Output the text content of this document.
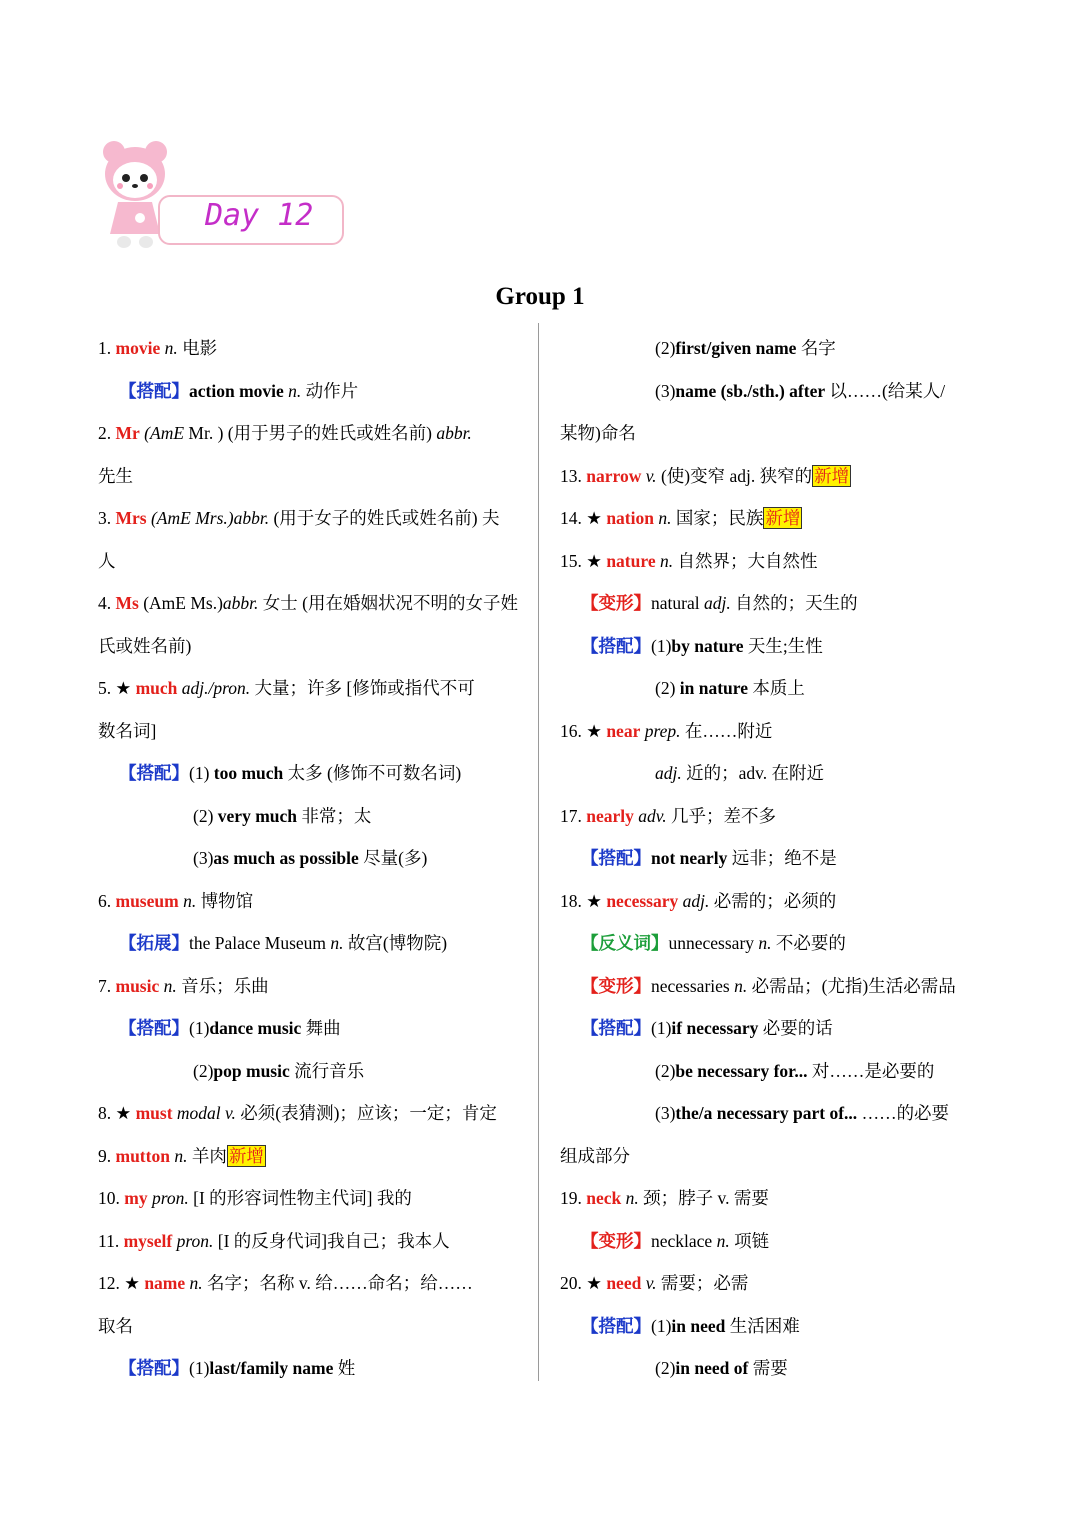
Day 12
Group 1
1. movie n. 电影
【搭配】action movie n. 动作片
2. Mr (AmE Mr. ) (用于男子的姓氏或姓名前) abbr.
先生
3. Mrs (AmE Mrs.)abbr. (用于女子的姓氏或姓名前) 夫
人
4. Ms (AmE Ms.)abbr. 女士 (用在婚姻状况不明的女子姓
氏或姓名前)
5. ★ much adj./pron. 大量；许多 [修饰或指代不可
数名词]
【搭配】(1) too much 太多 (修饰不可数名词)
(2) very much 非常；太
(3)as much as possible 尽量(多)
6. museum n. 博物馆
【拓展】the Palace Museum n. 故宫(博物院)
7. music n. 音乐；乐曲
【搭配】(1)dance music 舞曲
(2)pop music 流行音乐
8. ★ must modal v. 必须(表猜测)；应该；一定；肯定
9. mutton n. 羊肉 新增
10. my pron. [I 的形容词性物主代词] 我的
11. myself pron. [I 的反身代词]我自己；我本人
12. ★ name n. 名字；名称 v. 给……命名；给……
取名
【搭配】(1)last/family name 姓
(2)first/given name 名字
(3)name (sb./sth.) after 以……(给某人/
某物)命名
13. narrow v. (使)变窄 adj. 狭窄的 新增
14. ★ nation n. 国家；民族 新增
15. ★ nature n. 自然界；大自然性
【变形】natural adj. 自然的；天生的
【搭配】(1)by nature 天生;生性
(2) in nature 本质上
16. ★ near prep. 在……附近
adj. 近的；adv. 在附近
17. nearly adv. 几乎；差不多
【搭配】not nearly 远非；绝不是
18. ★ necessary adj. 必需的；必须的
【反义词】unnecessary n. 不必要的
【变形】necessaries n. 必需品；(尤指)生活必需品
【搭配】(1)if necessary 必要的话
(2)be necessary for... 对……是必要的
(3)the/a necessary part of... ……的必要
组成部分
19. neck n. 颈；脖子 v. 需要
【变形】necklace n. 项链
20. ★ need v. 需要；必需
【搭配】(1)in need 生活困难
(2)in need of 需要
